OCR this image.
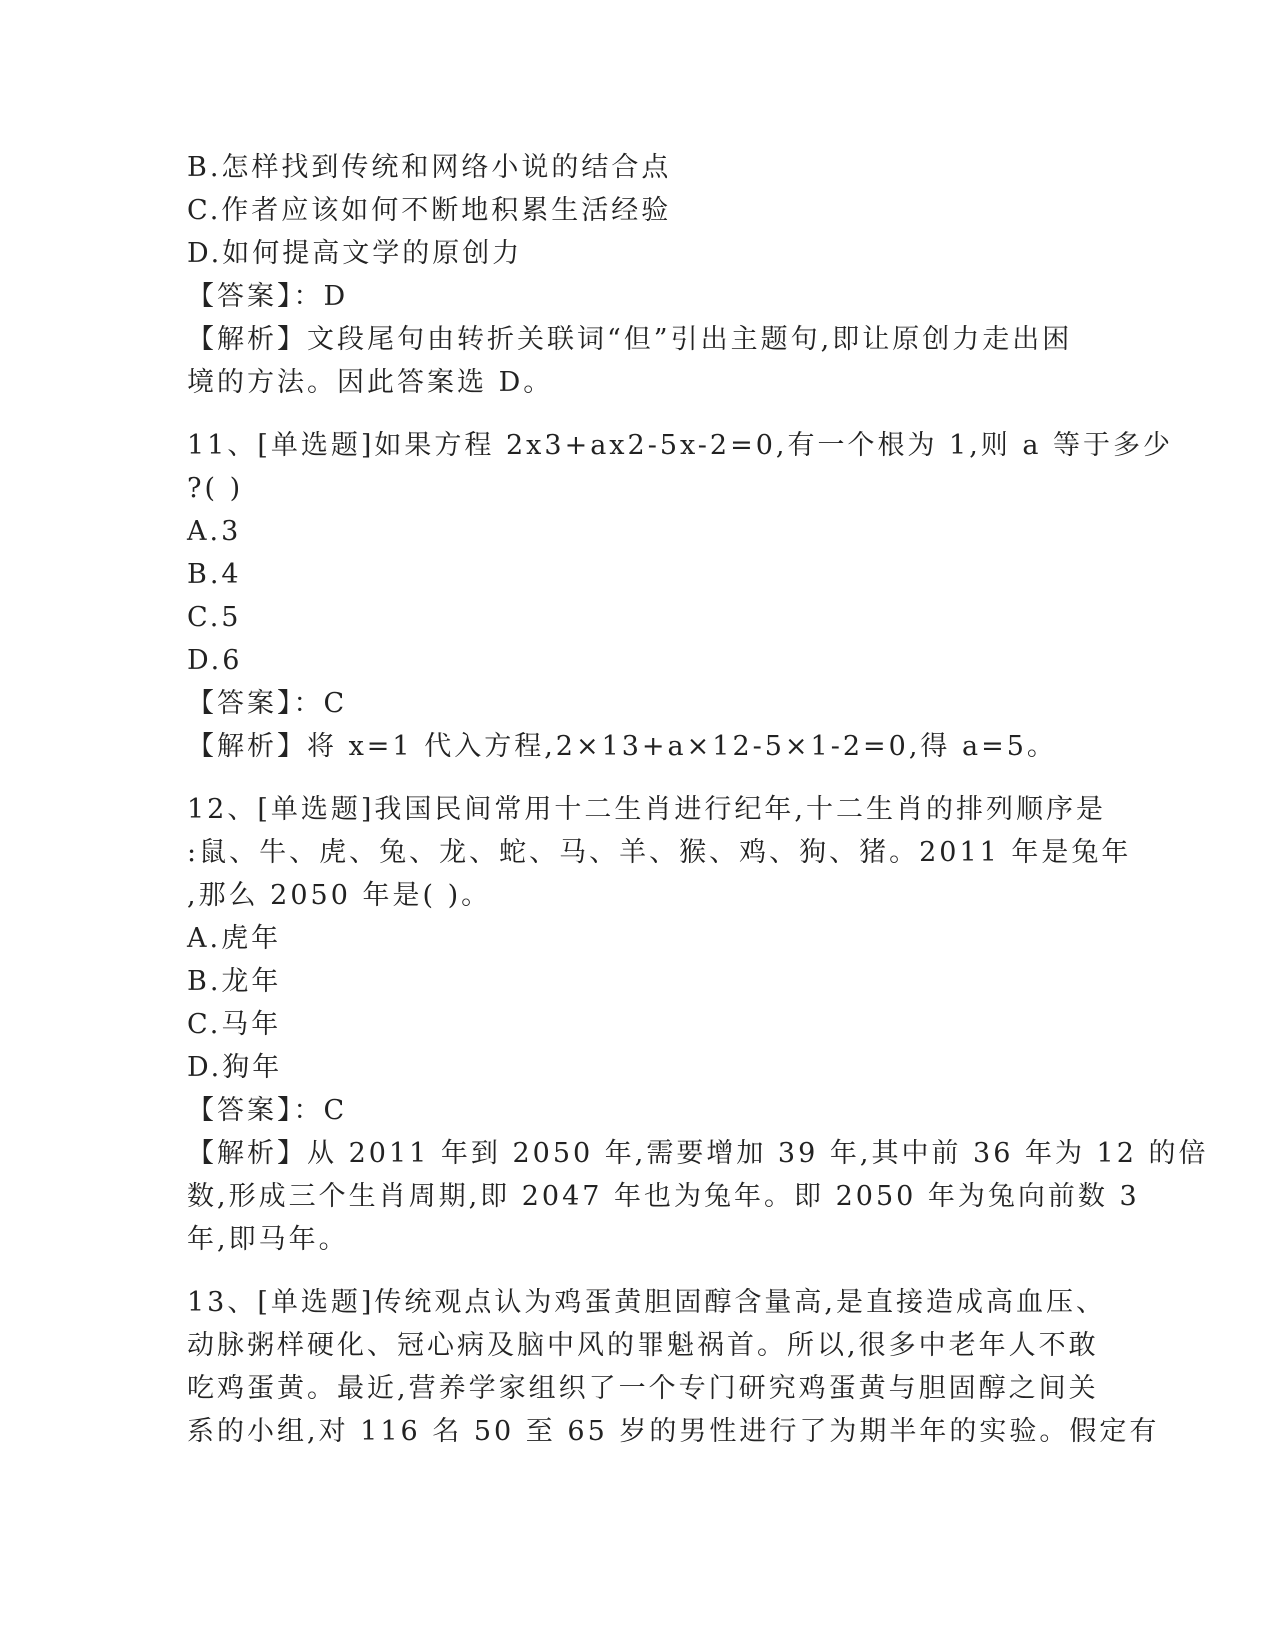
B.怎样找到传统和网络小说的结合点
C.作者应该如何不断地积累生活经验
D.如何提高文学的原创力
【答案】：D
【解析】文段尾句由转折关联词“但”引出主题句,即让原创力走出困
境的方法。因此答案选 D。
11、[单选题]如果方程 2x3+ax2-5x-2=0,有一个根为 1,则 a 等于多少
?( )
A.3
B.4
C.5
D.6
【答案】：C
【解析】将 x=1 代入方程,2×13+a×12-5×1-2=0,得 a=5。
12、[单选题]我国民间常用十二生肖进行纪年,十二生肖的排列顺序是
:鼠、牛、虎、兔、龙、蛇、马、羊、猴、鸡、狗、猪。2011 年是兔年
,那么 2050 年是( )。
A.虎年
B.龙年
C.马年
D.狗年
【答案】：C
【解析】从 2011 年到 2050 年,需要增加 39 年,其中前 36 年为 12 的倍
数,形成三个生肖周期,即 2047 年也为兔年。即 2050 年为兔向前数 3
年,即马年。
13、[单选题]传统观点认为鸡蛋黄胆固醇含量高,是直接造成高血压、
动脉粥样硬化、冠心病及脑中风的罪魁祸首。所以,很多中老年人不敢
吃鸡蛋黄。最近,营养学家组织了一个专门研究鸡蛋黄与胆固醇之间关
系的小组,对 116 名 50 至 65 岁的男性进行了为期半年的实验。假定有
